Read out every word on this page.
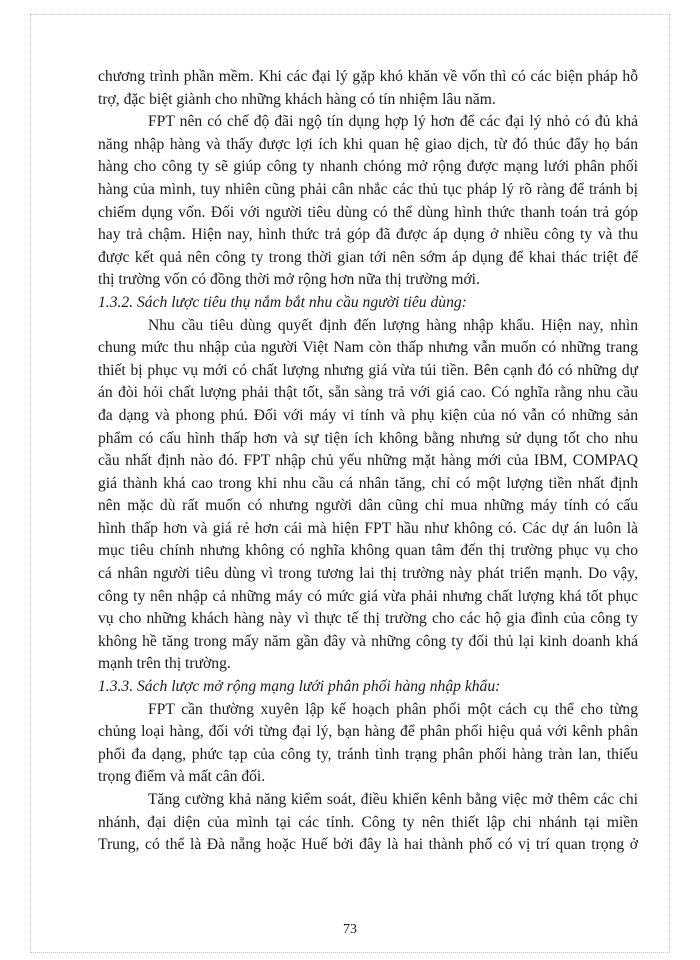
chương trình phần mềm. Khi các đại lý gặp khó khăn về vốn thì có các biện pháp hỗ
trợ, đặc biệt giành cho những khách hàng có tín nhiệm lâu năm.
FPT nên có chế độ đãi ngộ tín dụng hợp lý hơn để các đại lý nhỏ có đủ khả
năng nhập hàng và thấy được lợi ích khi quan hệ giao dịch, từ đó thúc đẩy họ bán
hàng cho công ty sẽ giúp công ty nhanh chóng mở rộng được mạng lưới phân phối
hàng của mình, tuy nhiên cũng phải cân nhắc các thủ tục pháp lý rõ ràng để tránh bị
chiếm dụng vốn. Đối với người tiêu dùng có thể dùng hình thức thanh toán trả góp
hay trả chậm. Hiện nay, hình thức trả góp đã được áp dụng ở nhiều công ty và thu
được kết quả nên công ty trong thời gian tới nên sớm áp dụng để khai thác triệt để
thị trường vốn có đồng thời mở rộng hơn nữa thị trường mới.
1.3.2. Sách lược tiêu thụ nắm bắt nhu cầu người tiêu dùng:
Nhu cầu tiêu dùng quyết định đến lượng hàng nhập khẩu. Hiện nay, nhìn
chung mức thu nhập của người Việt Nam còn thấp nhưng vẫn muốn có những trang
thiết bị phục vụ mới có chất lượng nhưng giá vừa túi tiền. Bên cạnh đó có những dự
án đòi hỏi chất lượng phải thật tốt, sẵn sàng trả với giá cao. Có nghĩa rằng nhu cầu
đa dạng và phong phú. Đối với máy vi tính và phụ kiện của nó vẫn có những sản
phẩm có cấu hình thấp hơn và sự tiện ích không bằng nhưng sử dụng tốt cho nhu
cầu nhất định nào đó. FPT nhập chủ yếu những mặt hàng mới của IBM, COMPAQ
giá thành khá cao trong khi nhu cầu cá nhân tăng, chỉ có một lượng tiền nhất định
nên mặc dù rất muốn có nhưng người dân cũng chỉ mua những máy tính có cấu
hình thấp hơn và giá rẻ hơn cái mà hiện FPT hầu như không có. Các dự án luôn là
mục tiêu chính nhưng không có nghĩa không quan tâm đến thị trường phục vụ cho
cá nhân người tiêu dùng vì trong tương lai thị trường này phát triển mạnh. Do vậy,
công ty nên nhập cả những máy có mức giá vừa phải nhưng chất lượng khá tốt phục
vụ cho những khách hàng này vì thực tế thị trường cho các hộ gia đình của công ty
không hề tăng trong mấy năm gần đây và những công ty đối thủ lại kinh doanh khá
mạnh trên thị trường.
1.3.3. Sách lược mở rộng mạng lưới phân phối hàng nhập khẩu:
FPT cần thường xuyên lập kế hoạch phân phối một cách cụ thể cho từng
chủng loại hàng, đối với từng đại lý, bạn hàng để phân phối hiệu quả với kênh phân
phối đa dạng, phức tạp của công ty, tránh tình trạng phân phối hàng tràn lan, thiếu
trọng điểm và mất cân đối.
Tăng cường khả năng kiểm soát, điều khiển kênh bằng việc mở thêm các chi
nhánh, đại diện của mình tại các tỉnh. Công ty nên thiết lập chi nhánh tại miền
Trung, có thể là Đà nẵng hoặc Huế bởi đây là hai thành phố có vị trí quan trọng ở
73
